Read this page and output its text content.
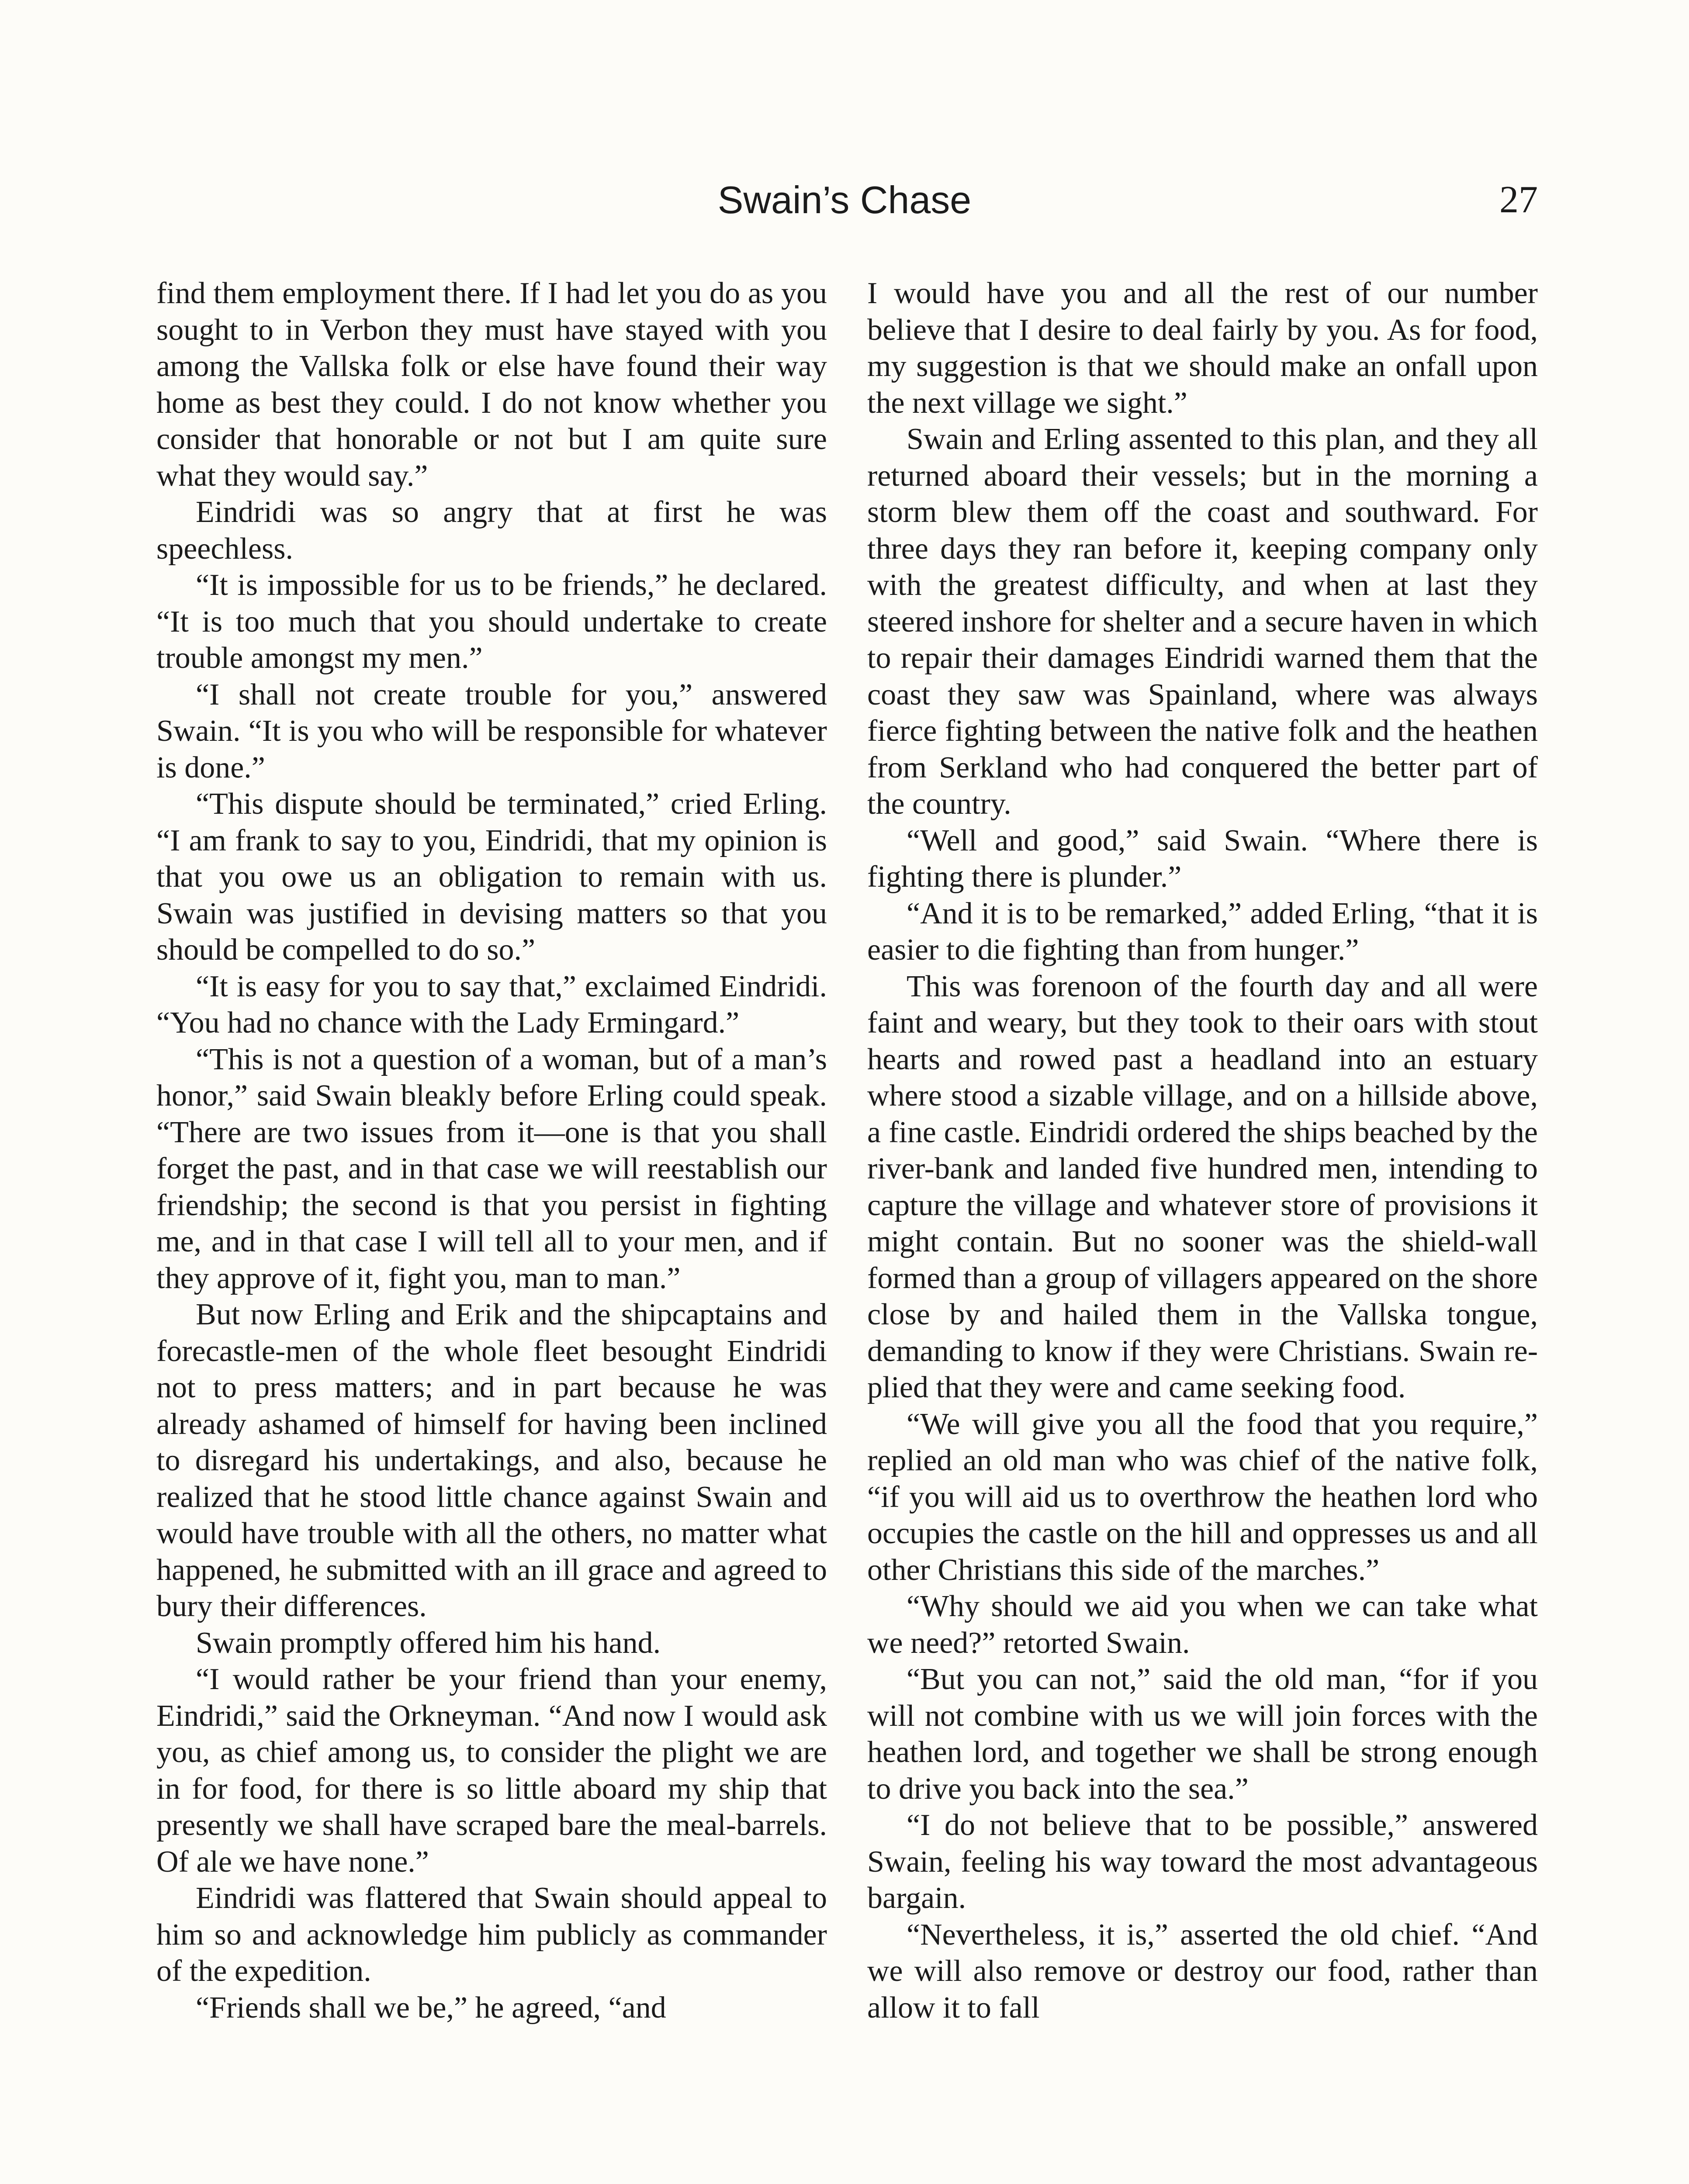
Swain’s Chase	27

find them employment there. If I had let you do as you sought to in Verbon they must have stayed with you among the Vallska folk or else have found their way home as best they could. I do not know whether you consider that honorable or not but I am quite sure what they would say.”

Eindridi was so angry that at first he was speechless.

“It is impossible for us to be friends,” he declared. “It is too much that you should undertake to create trouble amongst my men.”

“I shall not create trouble for you,” answered Swain. “It is you who will be responsible for whatever is done.”

“This dispute should be terminated,” cried Erling. “I am frank to say to you, Eindridi, that my opinion is that you owe us an obligation to remain with us. Swain was justified in devising matters so that you should be compelled to do so.”

“It is easy for you to say that,” exclaimed Eindridi. “You had no chance with the Lady Ermingard.”

“This is not a question of a woman, but of a man’s honor,” said Swain bleakly before Erling could speak. “There are two issues from it—one is that you shall forget the past, and in that case we will reestablish our friendship; the second is that you persist in fighting me, and in that case I will tell all to your men, and if they approve of it, fight you, man to man.”

But now Erling and Erik and the shipcaptains and forecastle-men of the whole fleet besought Eindridi not to press matters; and in part because he was already ashamed of himself for having been inclined to disregard his undertakings, and also, because he realized that he stood little chance against Swain and would have trouble with all the others, no matter what happened, he submitted with an ill grace and agreed to bury their differences.

Swain promptly offered him his hand.

“I would rather be your friend than your enemy, Eindridi,” said the Orkneyman. “And now I would ask you, as chief among us, to consider the plight we are in for food, for there is so little aboard my ship that presently we shall have scraped bare the meal-barrels. Of ale we have none.”

Eindridi was flattered that Swain should appeal to him so and acknowledge him publicly as commander of the expedition.

“Friends shall we be,” he agreed, “and

I would have you and all the rest of our number believe that I desire to deal fairly by you. As for food, my suggestion is that we should make an onfall upon the next village we sight.”

Swain and Erling assented to this plan, and they all returned aboard their vessels; but in the morning a storm blew them off the coast and southward. For three days they ran before it, keeping company only with the greatest difficulty, and when at last they steered inshore for shelter and a secure haven in which to repair their damages Eindridi warned them that the coast they saw was Spainland, where was always fierce fighting between the native folk and the heathen from Serkland who had conquered the better part of the country.

“Well and good,” said Swain. “Where there is fighting there is plunder.”

“And it is to be remarked,” added Erling, “that it is easier to die fighting than from hunger.”

This was forenoon of the fourth day and all were faint and weary, but they took to their oars with stout hearts and rowed past a headland into an estuary where stood a sizable village, and on a hillside above, a fine castle. Eindridi ordered the ships beached by the river-bank and landed five hundred men, intending to capture the village and whatever store of provisions it might contain. But no sooner was the shield-wall formed than a group of villagers appeared on the shore close by and hailed them in the Vallska tongue, demanding to know if they were Christians. Swain replied that they were and came seeking food.

“We will give you all the food that you require,” replied an old man who was chief of the native folk, “if you will aid us to overthrow the heathen lord who occupies the castle on the hill and oppresses us and all other Christians this side of the marches.”

“Why should we aid you when we can take what we need?” retorted Swain.

“But you can not,” said the old man, “for if you will not combine with us we will join forces with the heathen lord, and together we shall be strong enough to drive you back into the sea.”

“I do not believe that to be possible,” answered Swain, feeling his way toward the most advantageous bargain.

“Nevertheless, it is,” asserted the old chief. “And we will also remove or destroy our food, rather than allow it to fall
